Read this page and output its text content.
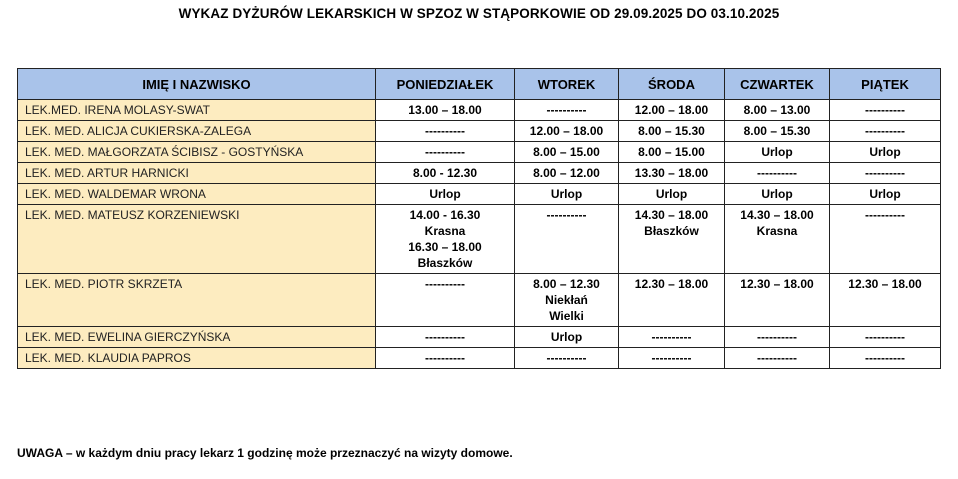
WYKAZ DYŻURÓW LEKARSKICH W SPZOZ W STĄPORKOWIE OD 29.09.2025 DO 03.10.2025
IMIĘ I NAZWISKO	PONIEDZIAŁEK	WTOREK	ŚRODA	CZWARTEK	PIĄTEK
LEK.MED. IRENA MOLASY-SWAT	13.00 – 18.00	----------	12.00 – 18.00	8.00 – 13.00	----------
LEK. MED. ALICJA CUKIERSKA-ZALEGA	----------	12.00 – 18.00	8.00 – 15.30	8.00 – 15.30	----------
LEK. MED. MAŁGORZATA ŚCIBISZ - GOSTYŃSKA	----------	8.00 – 15.00	8.00 – 15.00	Urlop	Urlop
LEK. MED. ARTUR HARNICKI	8.00 - 12.30	8.00 – 12.00	13.30 – 18.00	----------	----------
LEK. MED. WALDEMAR WRONA	Urlop	Urlop	Urlop	Urlop	Urlop
LEK. MED. MATEUSZ KORZENIEWSKI	14.00 - 16.30
Krasna
16.30 – 18.00
Błaszków	----------	14.30 – 18.00
Błaszków	14.30 – 18.00
Krasna	----------
LEK. MED. PIOTR SKRZETA	----------	8.00 – 12.30
Niekłań
Wielki	12.30 – 18.00	12.30 – 18.00	12.30 – 18.00
LEK. MED. EWELINA GIERCZYŃSKA	----------	Urlop	----------	----------	----------
LEK. MED. KLAUDIA PAPROS	----------	----------	----------	----------	----------
UWAGA – w każdym dniu pracy lekarz 1 godzinę może przeznaczyć na wizyty domowe.
